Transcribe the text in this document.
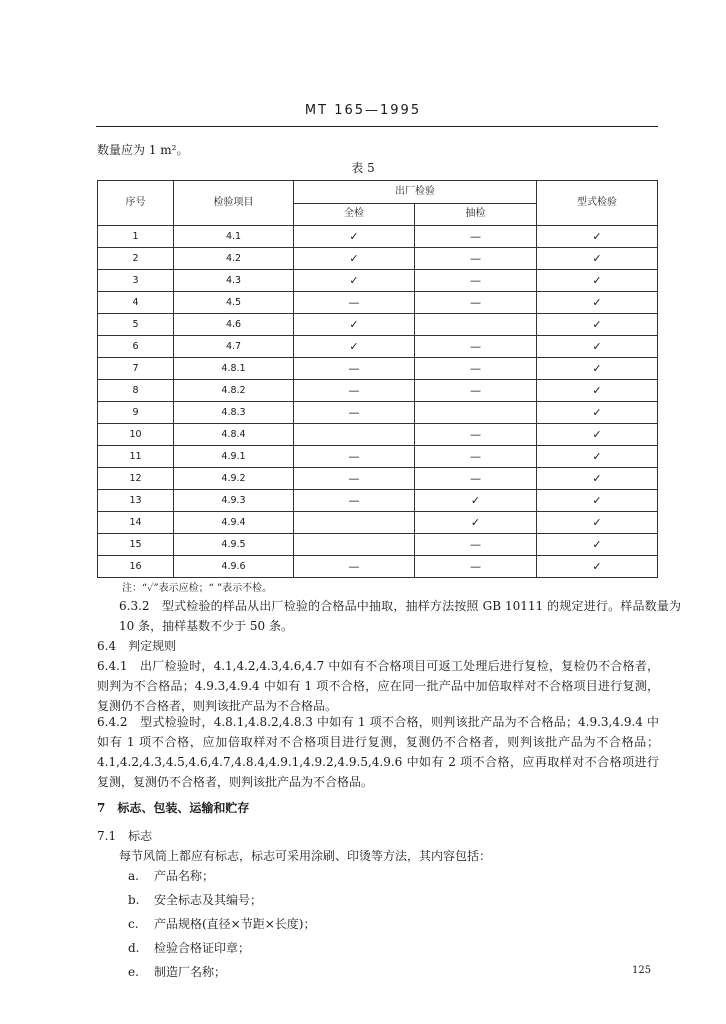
MT 165—1995
数量应为 1 m²。
表 5
序号	检验项目	出厂检验		型式检验
		全检	抽检	
1	4.1	✓	—	✓
2	4.2	✓	—	✓
3	4.3	✓	—	✓
4	4.5	—	—	✓
5	4.6	✓		✓
6	4.7	✓	—	✓
7	4.8.1	—	—	✓
8	4.8.2	—	—	✓
9	4.8.3	—		✓
10	4.8.4		—	✓
11	4.9.1	—	—	✓
12	4.9.2	—	—	✓
13	4.9.3	—	✓	✓
14	4.9.4		✓	✓
15	4.9.5		—	✓
16	4.9.6	—	—	✓
注：“✓”表示应检；“ ”表示不检。
6.3.2　型式检验的样品从出厂检验的合格品中抽取，抽样方法按照 GB 10111 的规定进行。样品数量为 10 条，抽样基数不少于 50 条。
6.4　判定规则
6.4.1　出厂检验时，4.1,4.2,4.3,4.6,4.7 中如有不合格项目可返工处理后进行复检，复检仍不合格者，则判为不合格品；4.9.3,4.9.4 中如有 1 项不合格，应在同一批产品中加倍取样对不合格项目进行复测，复测仍不合格者，则判该批产品为不合格品。
6.4.2　型式检验时，4.8.1,4.8.2,4.8.3 中如有 1 项不合格，则判该批产品为不合格品；4.9.3,4.9.4 中如有 1 项不合格，应加倍取样对不合格项目进行复测，复测仍不合格者，则判该批产品为不合格品；4.1,4.2,4.3,4.5,4.6,4.7,4.8.4,4.9.1,4.9.2,4.9.5,4.9.6 中如有 2 项不合格，应再取样对不合格项进行复测，复测仍不合格者，则判该批产品为不合格品。
7　标志、包装、运输和贮存
7.1　标志
每节风筒上都应有标志，标志可采用涂刷、印烫等方法，其内容包括：
a. 产品名称；
b. 安全标志及其编号；
c. 产品规格(直径×节距×长度)；
d. 检验合格证印章；
e. 制造厂名称；	125
